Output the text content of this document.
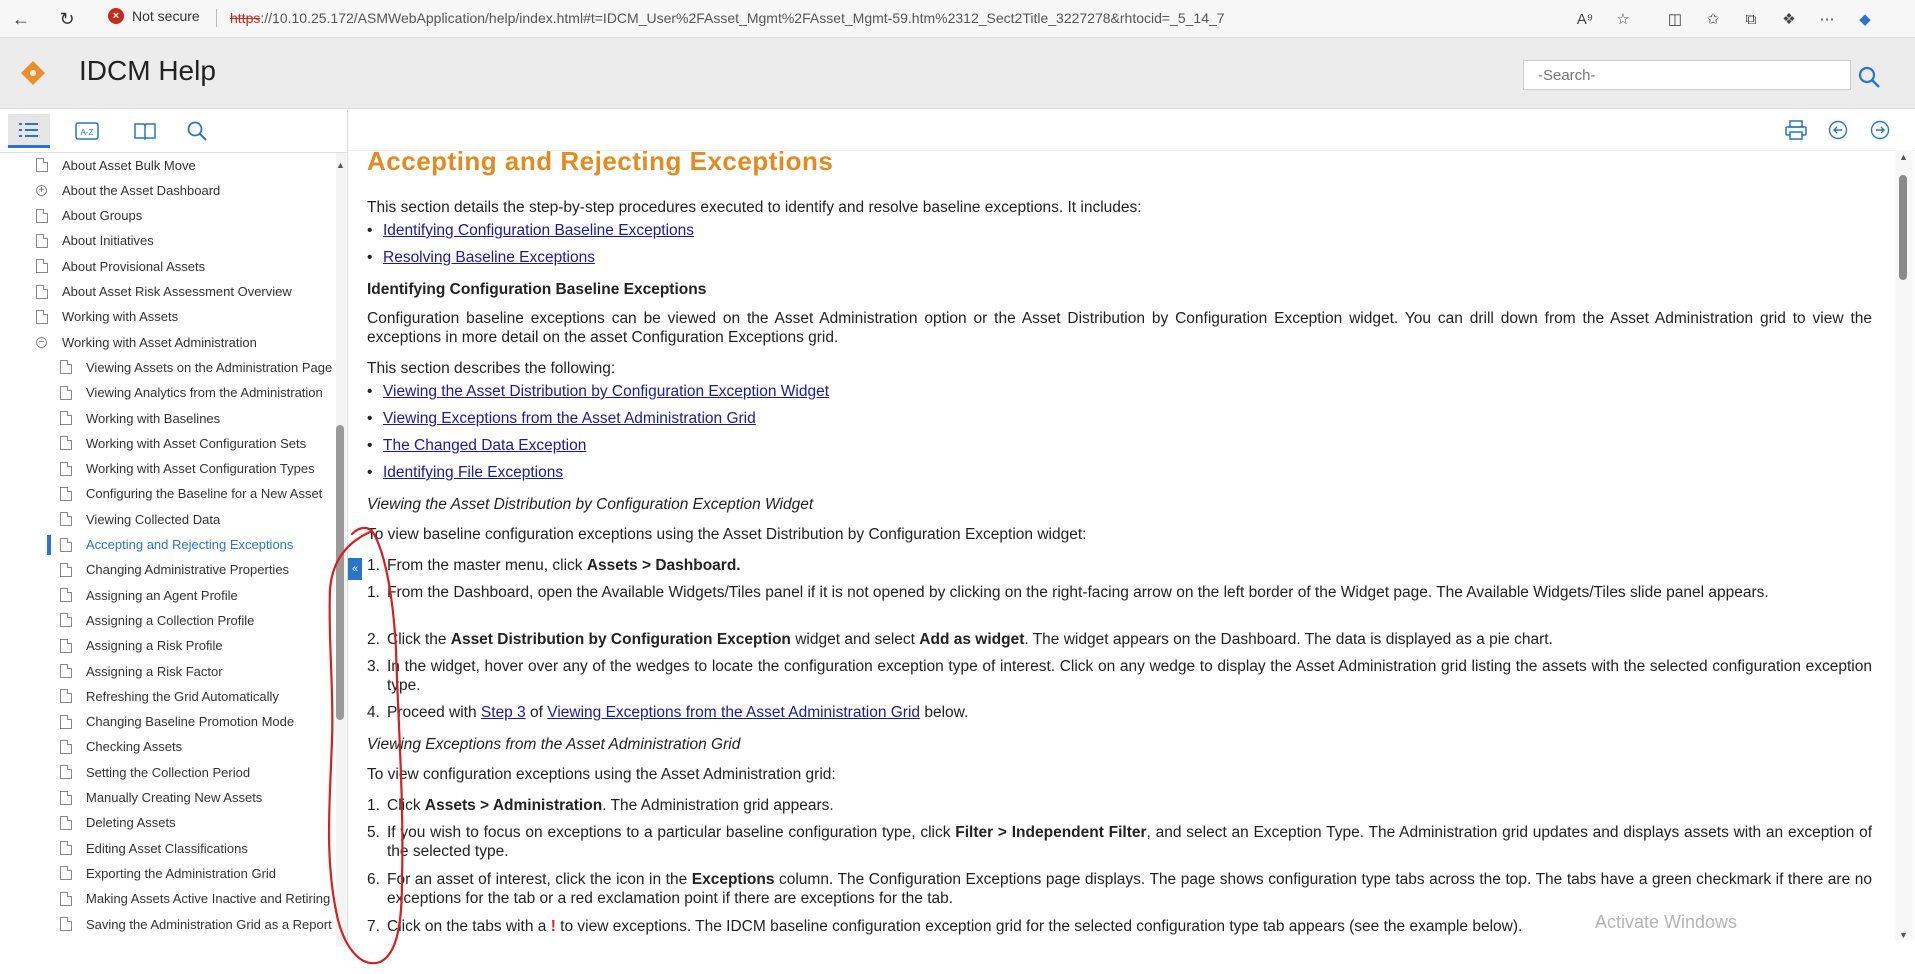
←	↻	× Not secure https://10.10.25.172/ASMWebApplication/help/index.html#t=IDCM_User%2FAsset_Mgmt%2FAsset_Mgmt-59.htm%2312_Sect2Title_3227278&rhtocid=_5_14_7	A⁹	☆	◫	✩	⧉	❖	⋯	◆
IDCM Help
-Search-
A-Z
About Asset Bulk Move
+ About the Asset Dashboard
About Groups
About Initiatives
About Provisional Assets
About Asset Risk Assessment Overview
Working with Assets
− Working with Asset Administration
Viewing Assets on the Administration Page
Viewing Analytics from the Administration
Working with Baselines
Working with Asset Configuration Sets
Working with Asset Configuration Types
Configuring the Baseline for a New Asset
Viewing Collected Data
Accepting and Rejecting Exceptions
Changing Administrative Properties
Assigning an Agent Profile
Assigning a Collection Profile
Assigning a Risk Profile
Assigning a Risk Factor
Refreshing the Grid Automatically
Changing Baseline Promotion Mode
Checking Assets
Setting the Collection Period
Manually Creating New Assets
Deleting Assets
Editing Asset Classifications
Exporting the Administration Grid
Making Assets Active Inactive and Retiring
Saving the Administration Grid as a Report
▲
«
Accepting and Rejecting Exceptions
This section details the step-by-step procedures executed to identify and resolve baseline exceptions. It includes:
• Identifying Configuration Baseline Exceptions
• Resolving Baseline Exceptions
Identifying Configuration Baseline Exceptions
Configuration baseline exceptions can be viewed on the Asset Administration option or the Asset Distribution by Configuration Exception widget. You can drill down from the Asset Administration grid to view the exceptions in more detail on the asset Configuration Exceptions grid.
This section describes the following:
• Viewing the Asset Distribution by Configuration Exception Widget
• Viewing Exceptions from the Asset Administration Grid
• The Changed Data Exception
• Identifying File Exceptions
Viewing the Asset Distribution by Configuration Exception Widget
To view baseline configuration exceptions using the Asset Distribution by Configuration Exception widget:
1. From the master menu, click Assets > Dashboard.
1. From the Dashboard, open the Available Widgets/Tiles panel if it is not opened by clicking on the right-facing arrow on the left border of the Widget page. The Available Widgets/Tiles slide panel appears.
2. Click the Asset Distribution by Configuration Exception widget and select Add as widget. The widget appears on the Dashboard. The data is displayed as a pie chart.
3. In the widget, hover over any of the wedges to locate the configuration exception type of interest. Click on any wedge to display the Asset Administration grid listing the assets with the selected configuration exception type.
4. Proceed with Step 3 of Viewing Exceptions from the Asset Administration Grid below.
Viewing Exceptions from the Asset Administration Grid
To view configuration exceptions using the Asset Administration grid:
1. Click Assets > Administration. The Administration grid appears.
5. If you wish to focus on exceptions to a particular baseline configuration type, click Filter > Independent Filter, and select an Exception Type. The Administration grid updates and displays assets with an exception of the selected type.
6. For an asset of interest, click the icon in the Exceptions column. The Configuration Exceptions page displays. The page shows configuration type tabs across the top. The tabs have a green checkmark if there are no exceptions for the tab or a red exclamation point if there are exceptions for the tab.
7. Click on the tabs with a ! to view exceptions. The IDCM baseline configuration exception grid for the selected configuration type tab appears (see the example below).
▲
▼
Activate Windows
